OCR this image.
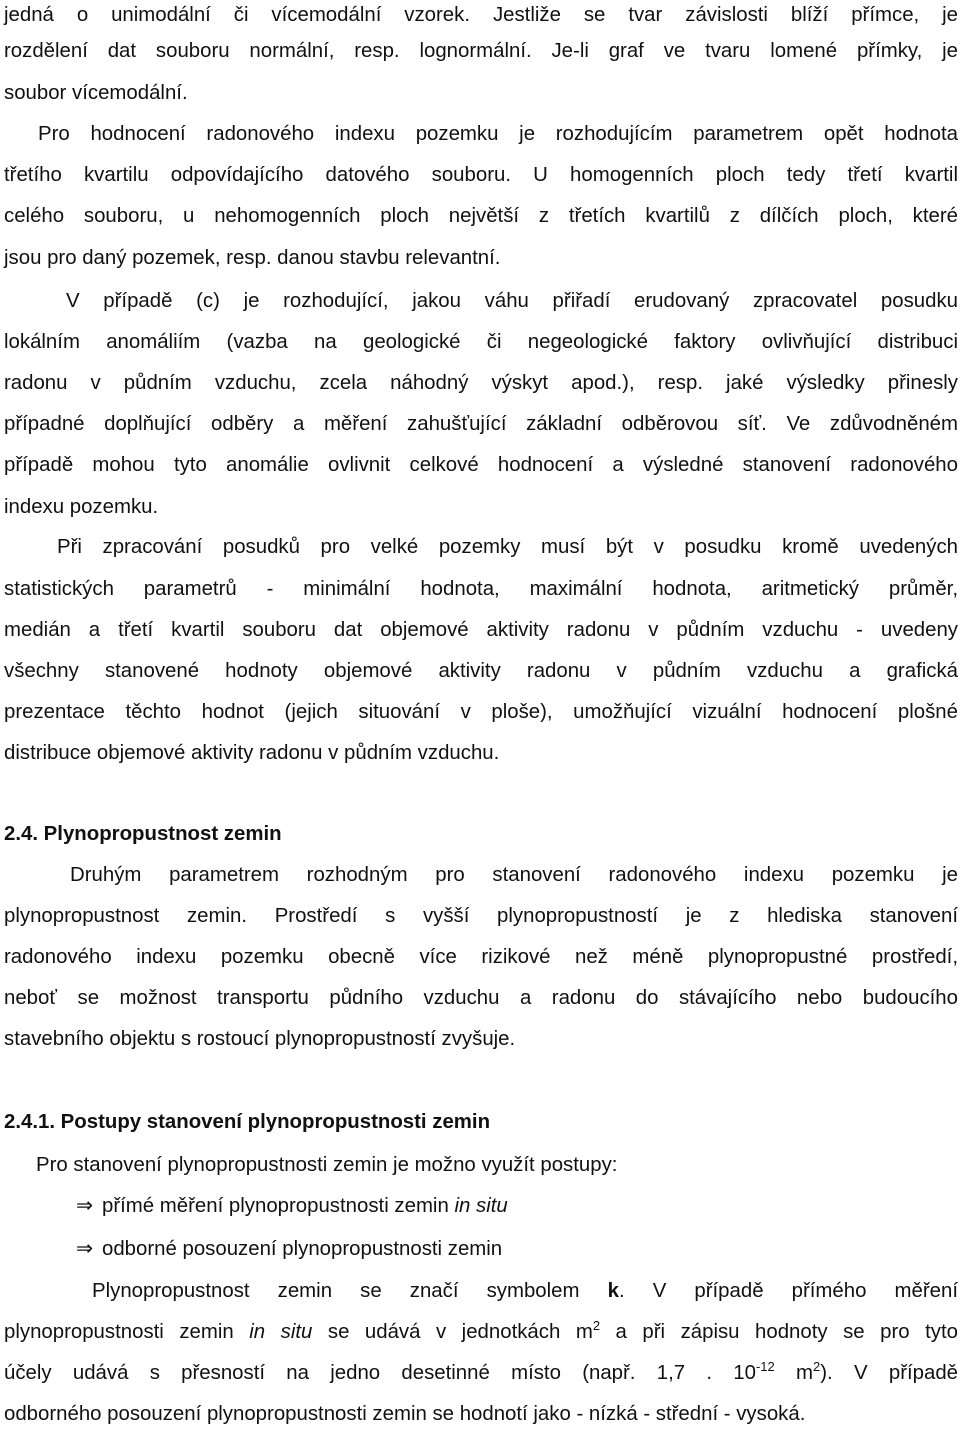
jedná o unimodální či vícemodální vzorek. Jestliže se tvar závislosti blíží přímce, je
rozdělení dat souboru normální, resp. lognormální. Je-li graf ve tvaru lomené přímky, je
soubor vícemodální.
Pro hodnocení radonového indexu pozemku je rozhodujícím parametrem opět hodnota
třetího kvartilu odpovídajícího datového souboru. U homogenních ploch tedy třetí kvartil
celého souboru, u nehomogenních ploch největší z třetích kvartilů z dílčích ploch, které
jsou pro daný pozemek, resp. danou stavbu relevantní.
V případě (c) je rozhodující, jakou váhu přiřadí erudovaný zpracovatel posudku
lokálním anomáliím (vazba na geologické či negeologické faktory ovlivňující distribuci
radonu v půdním vzduchu, zcela náhodný výskyt apod.), resp. jaké výsledky přinesly
případné doplňující odběry a měření zahušťující základní odběrovou síť. Ve zdůvodněném
případě mohou tyto anomálie ovlivnit celkové hodnocení a výsledné stanovení radonového
indexu pozemku.
Při zpracování posudků pro velké pozemky musí být v posudku kromě uvedených
statistických parametrů - minimální hodnota, maximální hodnota, aritmetický průměr,
medián a třetí kvartil souboru dat objemové aktivity radonu v půdním vzduchu - uvedeny
všechny stanovené hodnoty objemové aktivity radonu v půdním vzduchu a grafická
prezentace těchto hodnot (jejich situování v ploše), umožňující vizuální hodnocení plošné
distribuce objemové aktivity radonu v půdním vzduchu.
2.4. Plynopropustnost zemin
Druhým parametrem rozhodným pro stanovení radonového indexu pozemku je
plynopropustnost zemin. Prostředí s vyšší plynopropustností je z hlediska stanovení
radonového indexu pozemku obecně více rizikové než méně plynopropustné prostředí,
neboť se možnost transportu půdního vzduchu a radonu do stávajícího nebo budoucího
stavebního objektu s rostoucí plynopropustností zvyšuje.
2.4.1. Postupy stanovení plynopropustnosti zemin
Pro stanovení plynopropustnosti zemin je možno využít postupy:
⇒ přímé měření plynopropustnosti zemin in situ
⇒ odborné posouzení plynopropustnosti zemin
Plynopropustnost zemin se značí symbolem k. V případě přímého měření
plynopropustnosti zemin in situ se udává v jednotkách $m^2$ a při zápisu hodnoty se pro tyto
účely udává s přesností na jedno desetinné místo (např. 1,7 . $10^{-12}$ $m^2$). V případě
odborného posouzení plynopropustnosti zemin se hodnotí jako - nízká - střední - vysoká.
